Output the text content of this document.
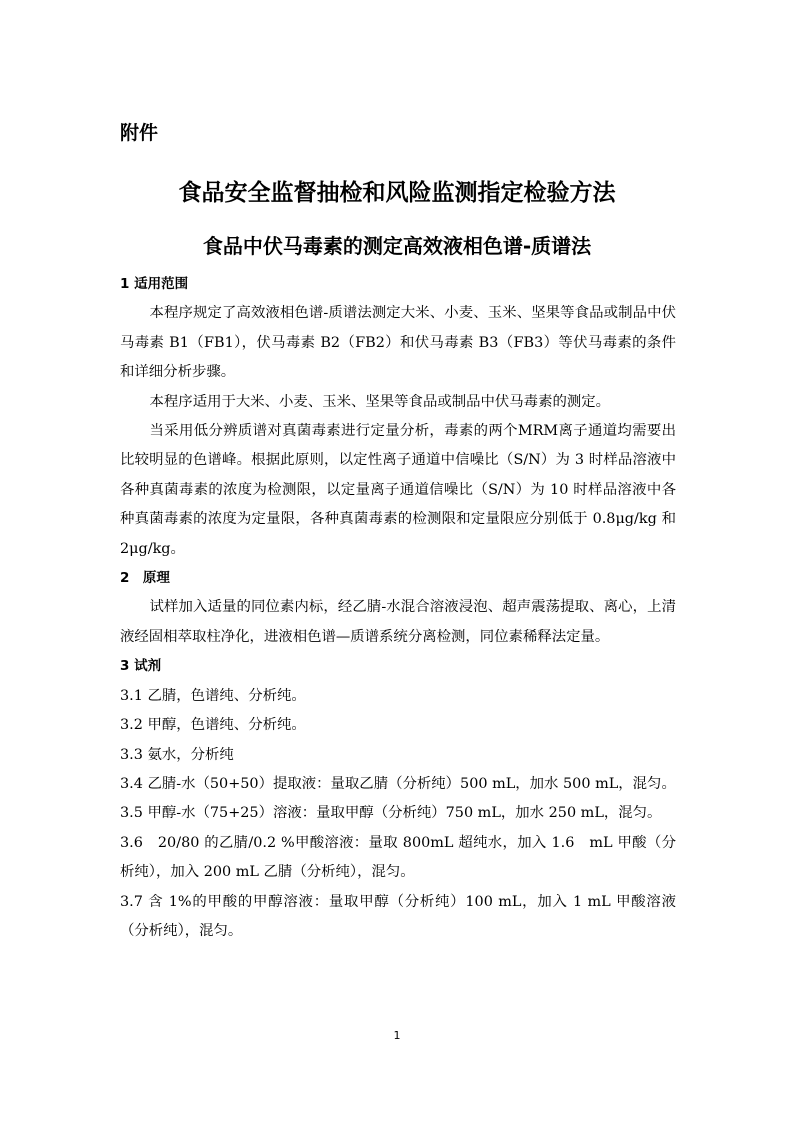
附件
食品安全监督抽检和风险监测指定检验方法
食品中伏马毒素的测定高效液相色谱-质谱法

1 适用范围

本程序规定了高效液相色谱-质谱法测定大米、小麦、玉米、坚果等食品或制品中伏马毒素 B1（FB1），伏马毒素 B2（FB2）和伏马毒素 B3（FB3）等伏马毒素的条件和详细分析步骤。

本程序适用于大米、小麦、玉米、坚果等食品或制品中伏马毒素的测定。

当采用低分辨质谱对真菌毒素进行定量分析，毒素的两个MRM离子通道均需要出比较明显的色谱峰。根据此原则，以定性离子通道中信噪比（S/N）为 3 时样品溶液中各种真菌毒素的浓度为检测限，以定量离子通道信噪比（S/N）为 10 时样品溶液中各种真菌毒素的浓度为定量限，各种真菌毒素的检测限和定量限应分别低于 0.8μg/kg 和 2μg/kg。

2　原理

试样加入适量的同位素内标，经乙腈-水混合溶液浸泡、超声震荡提取、离心，上清液经固相萃取柱净化，进液相色谱—质谱系统分离检测，同位素稀释法定量。

3 试剂

3.1 乙腈，色谱纯、分析纯。

3.2 甲醇，色谱纯、分析纯。

3.3 氨水，分析纯

3.4 乙腈-水（50+50）提取液：量取乙腈（分析纯）500 mL，加水 500 mL，混匀。

3.5 甲醇-水（75+25）溶液：量取甲醇（分析纯）750 mL，加水 250 mL，混匀。

3.6　20/80 的乙腈/0.2 %甲酸溶液：量取 800mL 超纯水，加入 1.6　mL 甲酸（分析纯），加入 200 mL 乙腈（分析纯），混匀。

3.7 含 1%的甲酸的甲醇溶液：量取甲醇（分析纯）100 mL，加入 1 mL 甲酸溶液（分析纯），混匀。

1
